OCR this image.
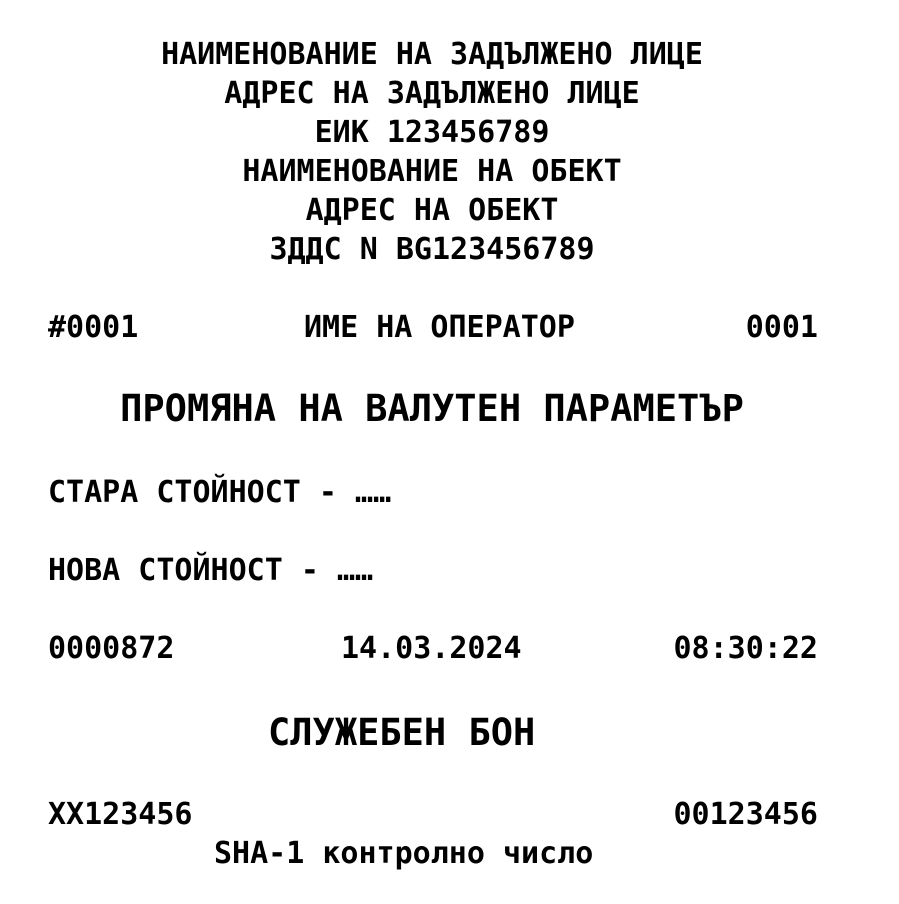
НАИМЕНОВАНИЕ НА ЗАДЪЛЖЕНО ЛИЦЕ
АДРЕС НА ЗАДЪЛЖЕНО ЛИЦЕ
ЕИК 123456789
НАИМЕНОВАНИЕ НА ОБЕКТ
АДРЕС НА ОБЕКТ
ЗДДС N BG123456789
#0001	ИМЕ НА ОПЕРАТОР	0001
ПРОМЯНА НА ВАЛУТЕН ПАРАМЕТЪР
СТАРА СТОЙНОСТ - ……
НОВА СТОЙНОСТ - ……
0000872	14.03.2024	08:30:22
СЛУЖЕБЕН БОН
XX123456	00123456
SHA-1 контролно число
